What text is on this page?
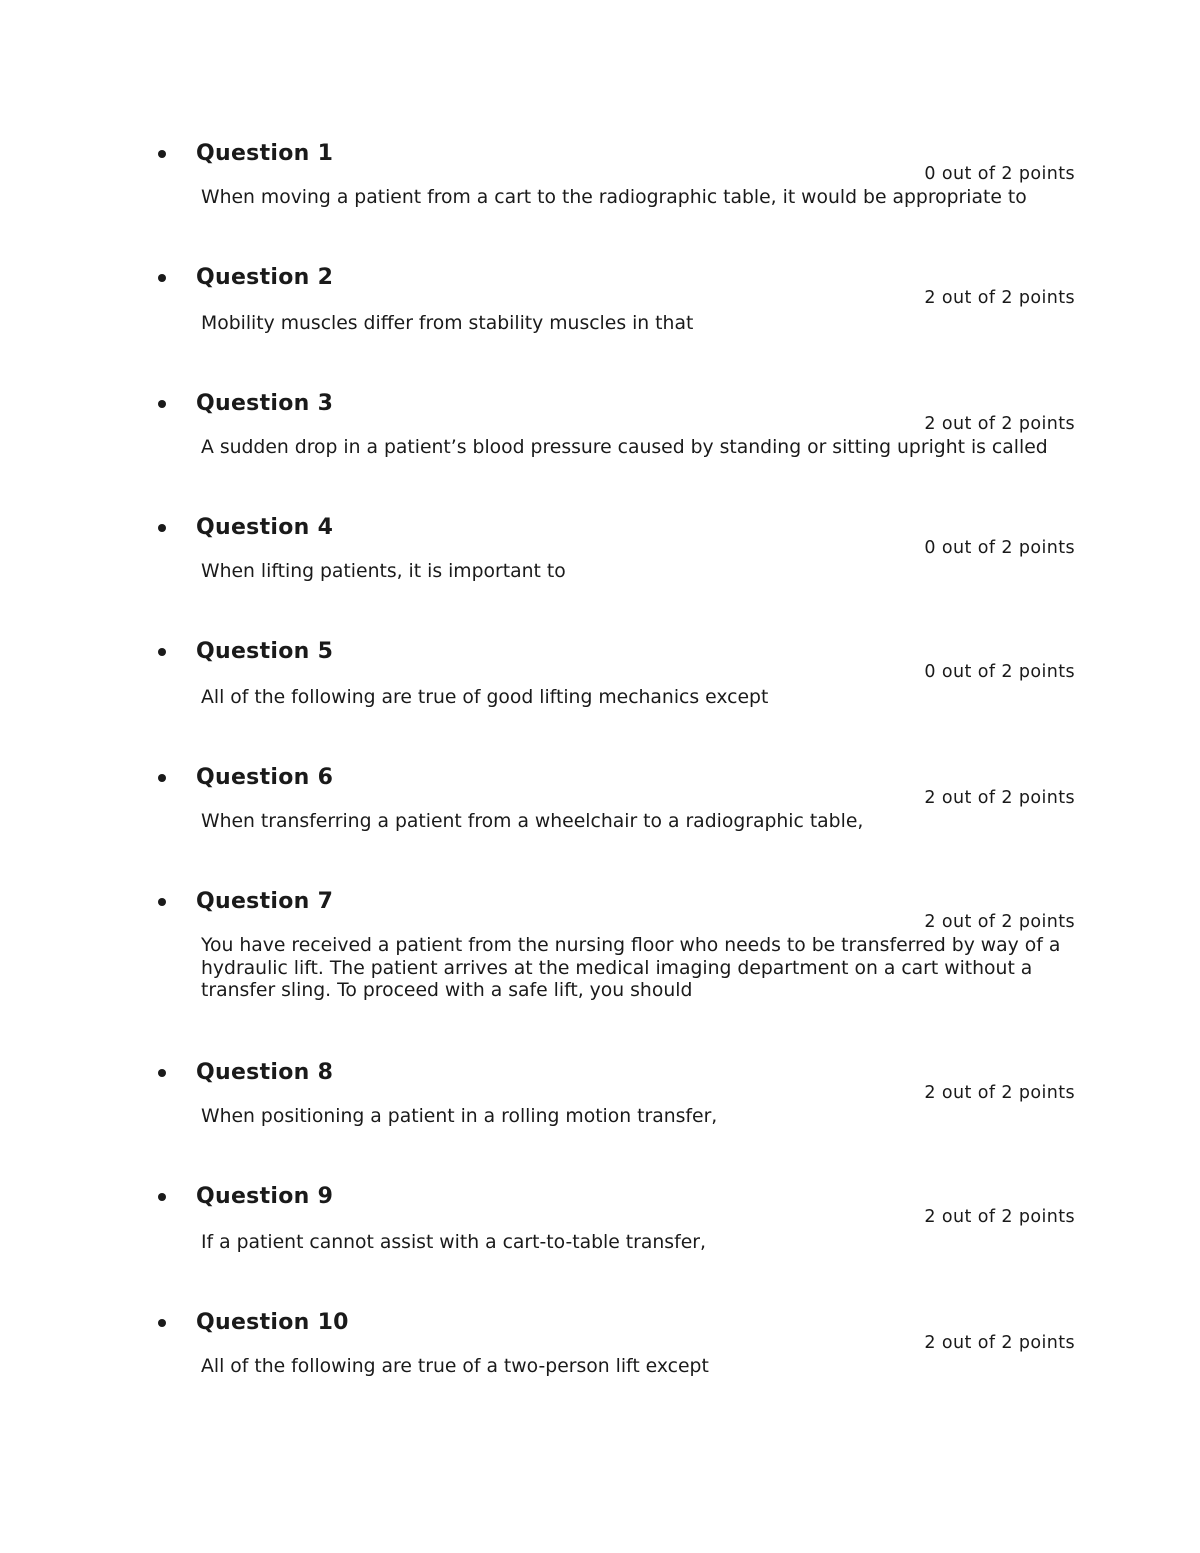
Question 1
0 out of 2 points

When moving a patient from a cart to the radiographic table, it would be appropriate to

Question 2
2 out of 2 points

Mobility muscles differ from stability muscles in that

Question 3
2 out of 2 points

A sudden drop in a patient’s blood pressure caused by standing or sitting upright is called

Question 4
0 out of 2 points

When lifting patients, it is important to

Question 5
0 out of 2 points

All of the following are true of good lifting mechanics except

Question 6
2 out of 2 points

When transferring a patient from a wheelchair to a radiographic table,

Question 7
2 out of 2 points

You have received a patient from the nursing floor who needs to be transferred by way of a hydraulic lift. The patient arrives at the medical imaging department on a cart without a transfer sling. To proceed with a safe lift, you should

Question 8
2 out of 2 points

When positioning a patient in a rolling motion transfer,

Question 9
2 out of 2 points

If a patient cannot assist with a cart-to-table transfer,

Question 10
2 out of 2 points

All of the following are true of a two-person lift except
